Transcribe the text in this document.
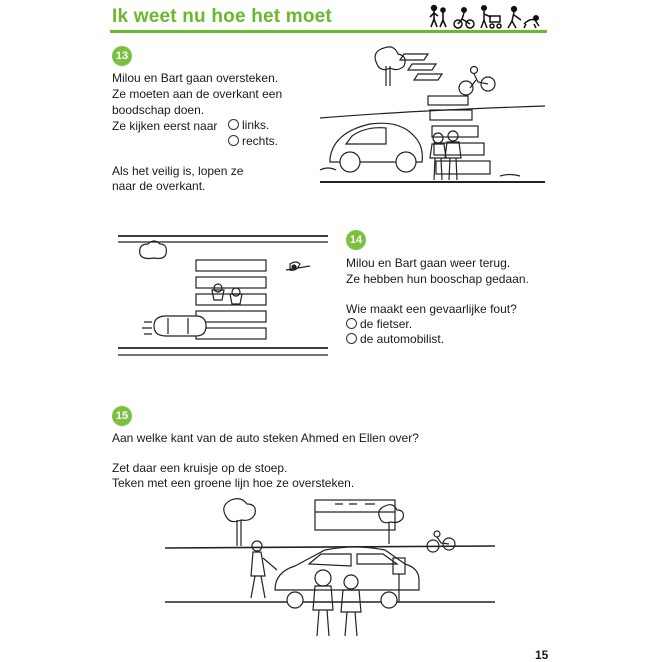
Ik weet nu hoe het moet
13
Milou en Bart gaan oversteken.
Ze moeten aan de overkant een
boodschap doen.
Ze kijken eerst naar	links.
rechts.
Als het veilig is, lopen ze
naar de overkant.
14
Milou en Bart gaan weer terug.
Ze hebben hun booschap gedaan.
Wie maakt een gevaarlijke fout?
de fietser.
de automobilist.
15
Aan welke kant van de auto steken Ahmed en Ellen over?
Zet daar een kruisje op de stoep.
Teken met een groene lijn hoe ze oversteken.
15
